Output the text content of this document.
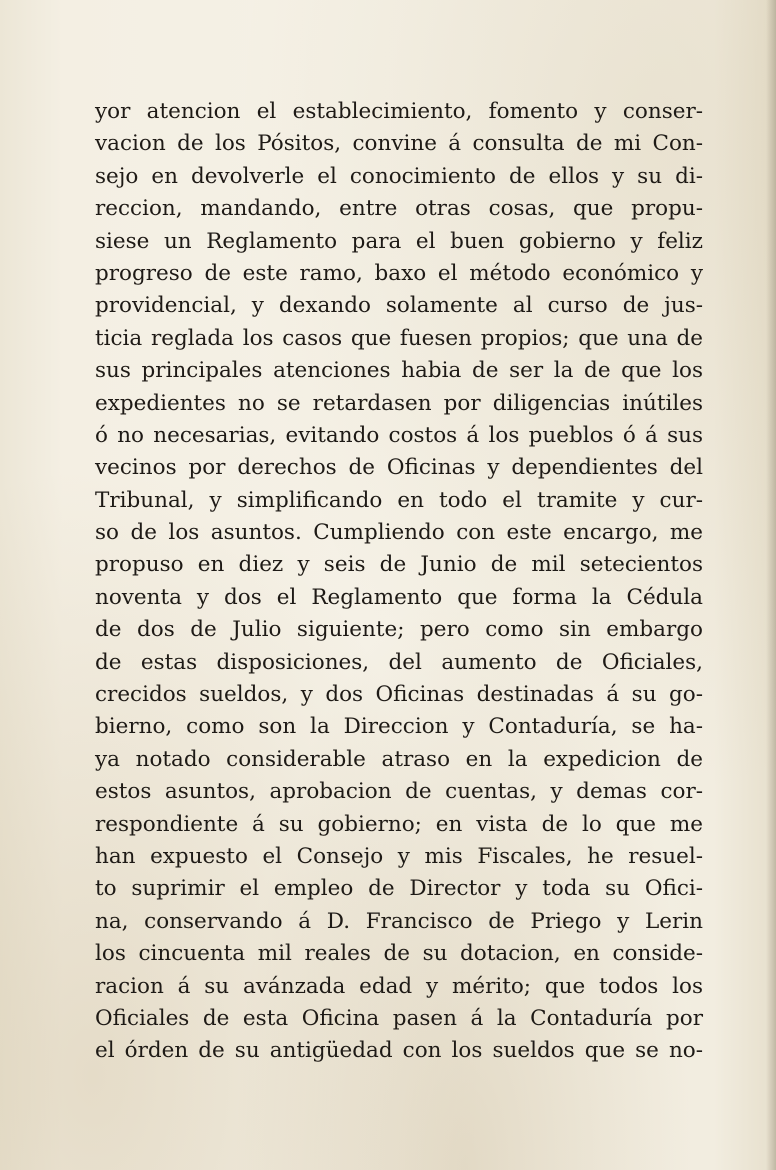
yor atencion el establecimiento, fomento y conser-
vacion de los Pósitos, convine á consulta de mi Con-
sejo en devolverle el conocimiento de ellos y su di-
reccion, mandando, entre otras cosas, que propu-
siese un Reglamento para el buen gobierno y feliz
progreso de este ramo, baxo el método económico y
providencial, y dexando solamente al curso de jus-
ticia reglada los casos que fuesen propios; que una de
sus principales atenciones habia de ser la de que los
expedientes no se retardasen por diligencias inútiles
ó no necesarias, evitando costos á los pueblos ó á sus
vecinos por derechos de Oficinas y dependientes del
Tribunal, y simplificando en todo el tramite y cur-
so de los asuntos. Cumpliendo con este encargo, me
propuso en diez y seis de Junio de mil setecientos
noventa y dos el Reglamento que forma la Cédula
de dos de Julio siguiente; pero como sin embargo
de estas disposiciones, del aumento de Oficiales,
crecidos sueldos, y dos Oficinas destinadas á su go-
bierno, como son la Direccion y Contaduría, se ha-
ya notado considerable atraso en la expedicion de
estos asuntos, aprobacion de cuentas, y demas cor-
respondiente á su gobierno; en vista de lo que me
han expuesto el Consejo y mis Fiscales, he resuel-
to suprimir el empleo de Director y toda su Ofici-
na, conservando á D. Francisco de Priego y Lerin
los cincuenta mil reales de su dotacion, en conside-
racion á su avánzada edad y mérito; que todos los
Oficiales de esta Oficina pasen á la Contaduría por
el órden de su antigüedad con los sueldos que se no-
